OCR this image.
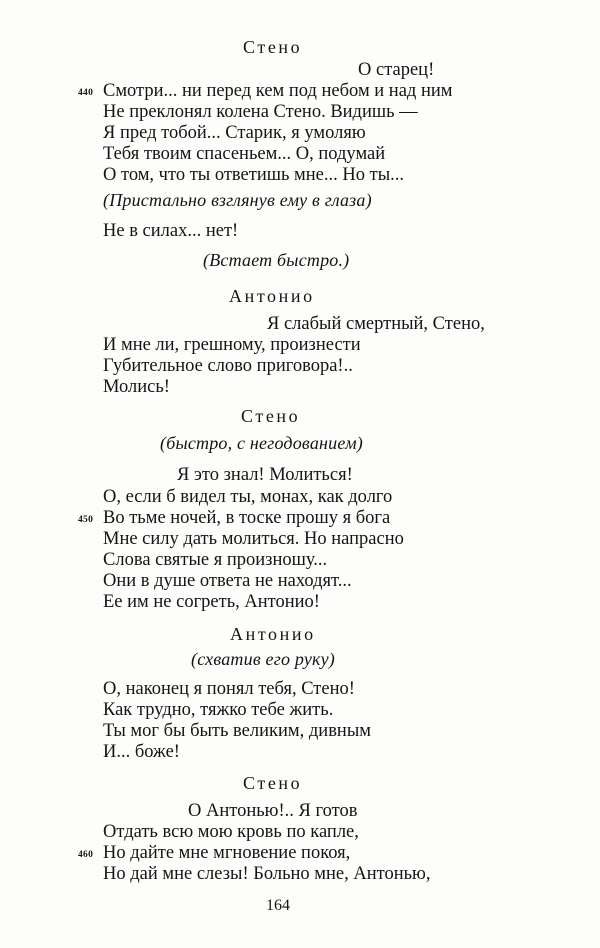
Стено
О старец!
440 Смотри... ни перед кем под небом и над ним
Не преклонял колена Стено. Видишь —
Я пред тобой... Старик, я умоляю
Тебя твоим спасеньем... О, подумай
О том, что ты ответишь мне... Но ты...
(Пристально взглянув ему в глаза)
Не в силах... нет!
(Встает быстро.)
Антонио
Я слабый смертный, Стено,
И мне ли, грешному, произнести
Губительное слово приговора!..
Молись!
Стено
(быстро, с негодованием)
Я это знал! Молиться!
О, если б видел ты, монах, как долго
450 Во тьме ночей, в тоске прошу я бога
Мне силу дать молиться. Но напрасно
Слова святые я произношу...
Они в душе ответа не находят...
Ее им не согреть, Антонио!
Антонио
(схватив его руку)
О, наконец я понял тебя, Стено!
Как трудно, тяжко тебе жить.
Ты мог бы быть великим, дивным
И... боже!
Стено
О Антонью!.. Я готов
Отдать всю мою кровь по капле,
460 Но дайте мне мгновение покоя,
Но дай мне слезы! Больно мне, Антонью,
164
